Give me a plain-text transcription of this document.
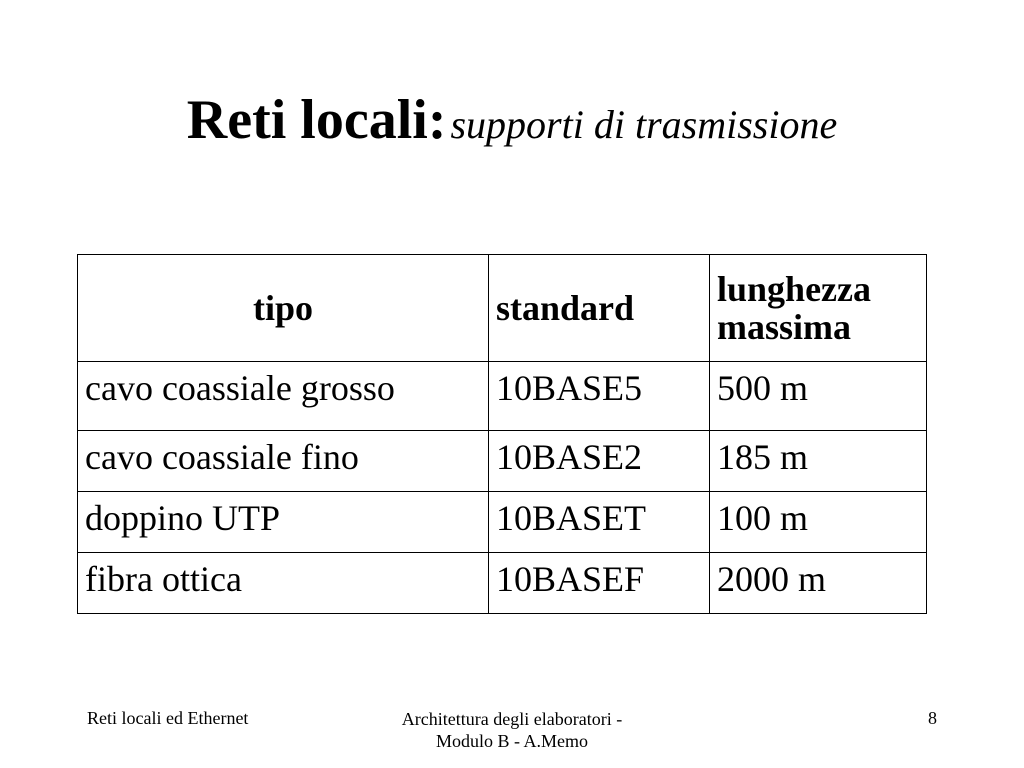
Reti locali: supporti di trasmissione
tipo	standard	lunghezza massima
cavo coassiale grosso	10BASE5	500 m
cavo coassiale fino	10BASE2	185 m
doppino UTP	10BASET	100 m
fibra ottica	10BASEF	2000 m
Reti locali ed Ethernet	Architettura degli elaboratori -
Modulo B - A.Memo
8
